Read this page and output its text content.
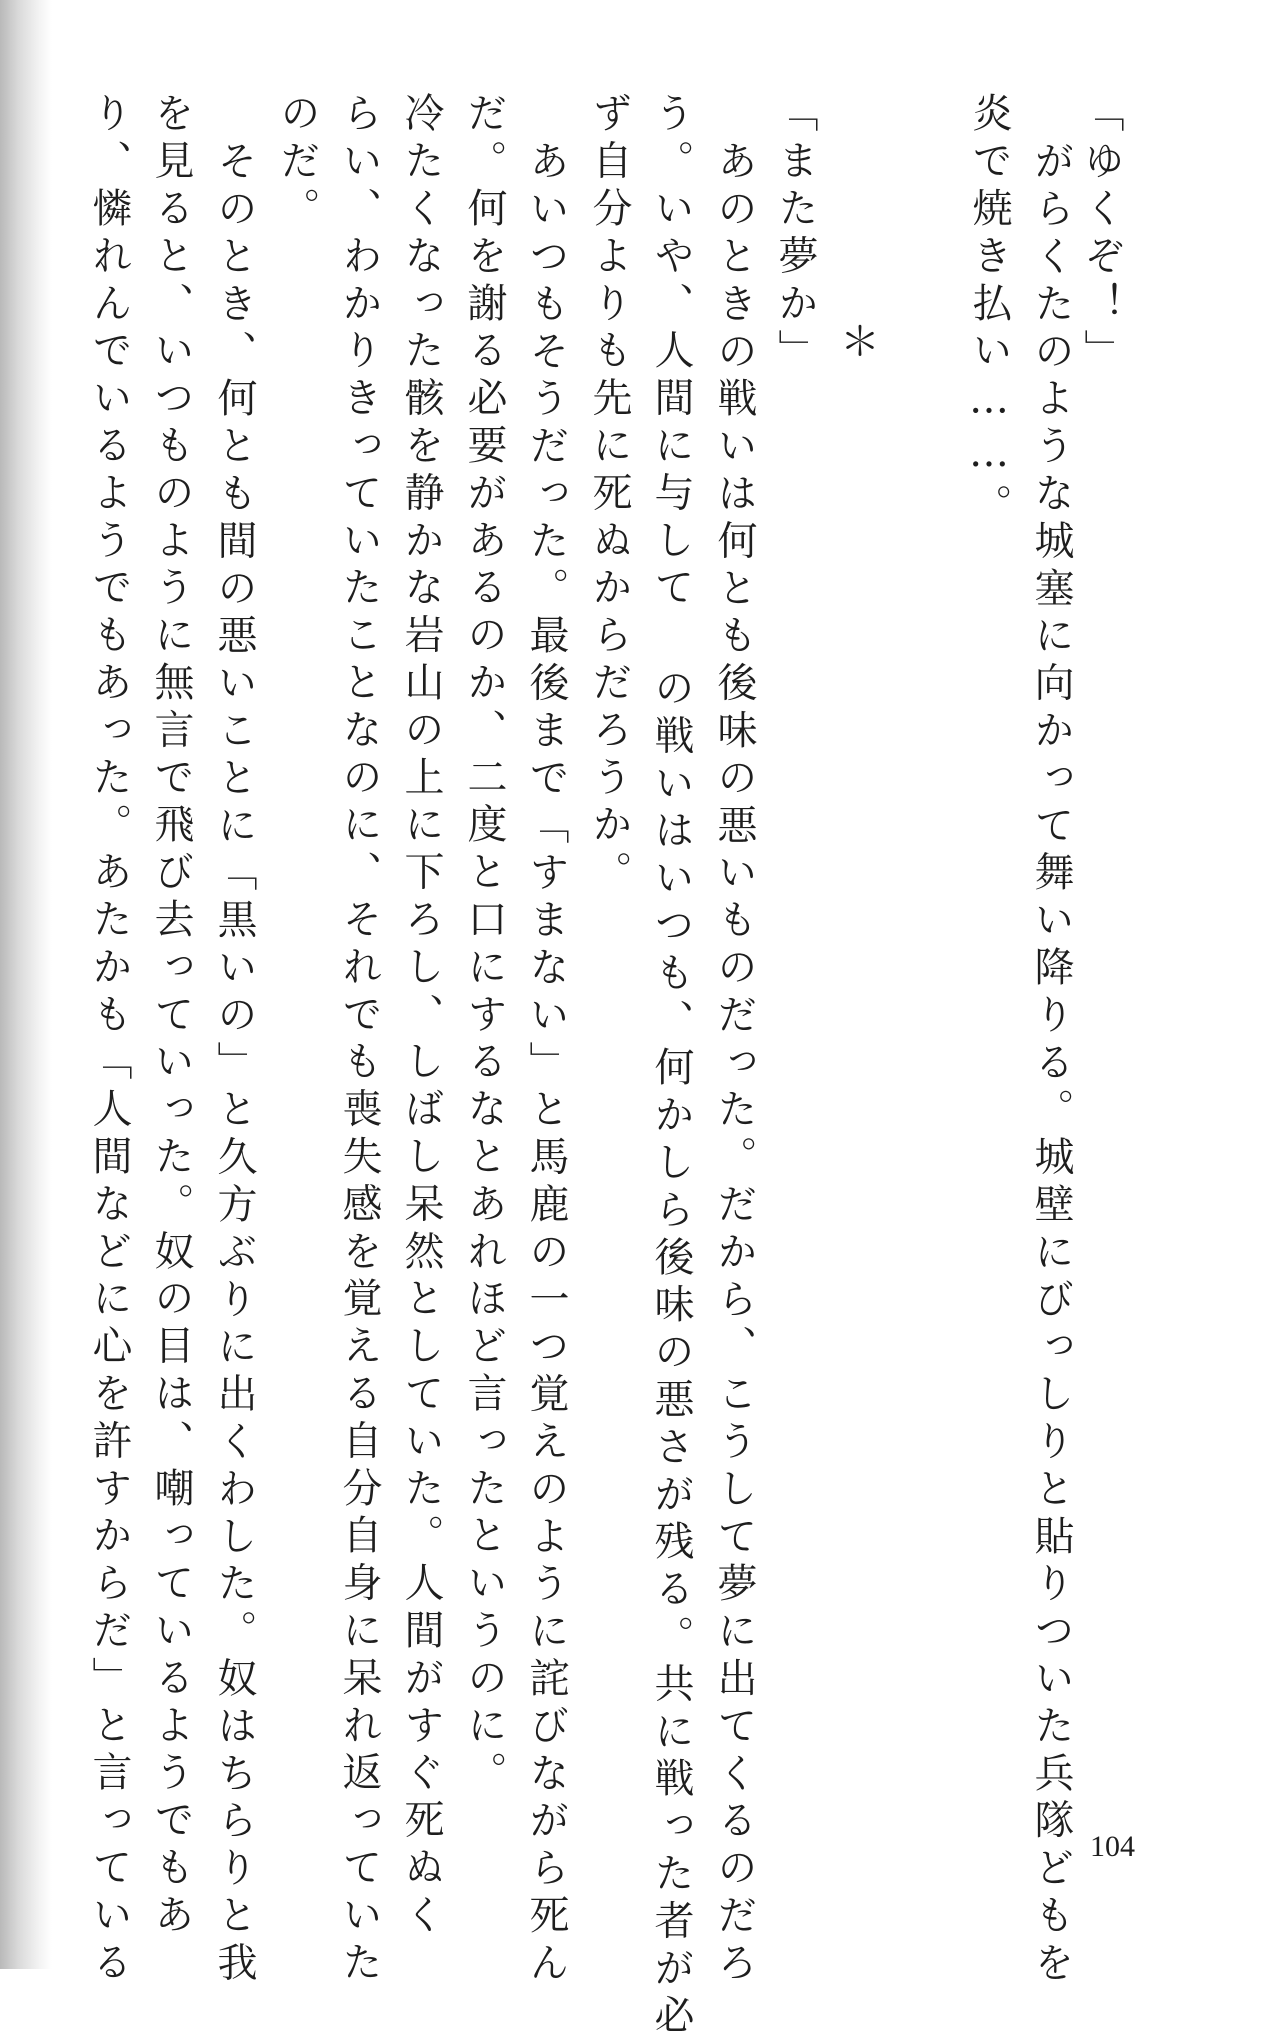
「ゆくぞ！」

がらくたのような城塞に向かって舞い降りる。城壁にびっしりと貼りついた兵隊どもを

炎で焼き払い……。

＊

「また夢か」

あのときの戦いは何とも後味の悪いものだった。だから、こうして夢に出てくるのだろ

う。いや、人間に与して の戦いはいつも、何かしら後味の悪さが残る。共に戦った者が必

ず自分よりも先に死ぬからだろうか。

あいつもそうだった。最後まで「すまない」と馬鹿の一つ覚えのように詫びながら死ん

だ。何を謝る必要があるのか、二度と口にするなとあれほど言ったというのに。

冷たくなった骸を静かな岩山の上に下ろし、しばし呆然としていた。人間がすぐ死ぬく

らい、わかりきっていたことなのに、それでも喪失感を覚える自分自身に呆れ返っていた

のだ。

そのとき、何とも間の悪いことに「黒いの」と久方ぶりに出くわした。奴はちらりと我

を見ると、いつものように無言で飛び去っていった。奴の目は、嘲っているようでもあ

り、憐れんでいるようでもあった。あたかも「人間などに心を許すからだ」と言っている	104
